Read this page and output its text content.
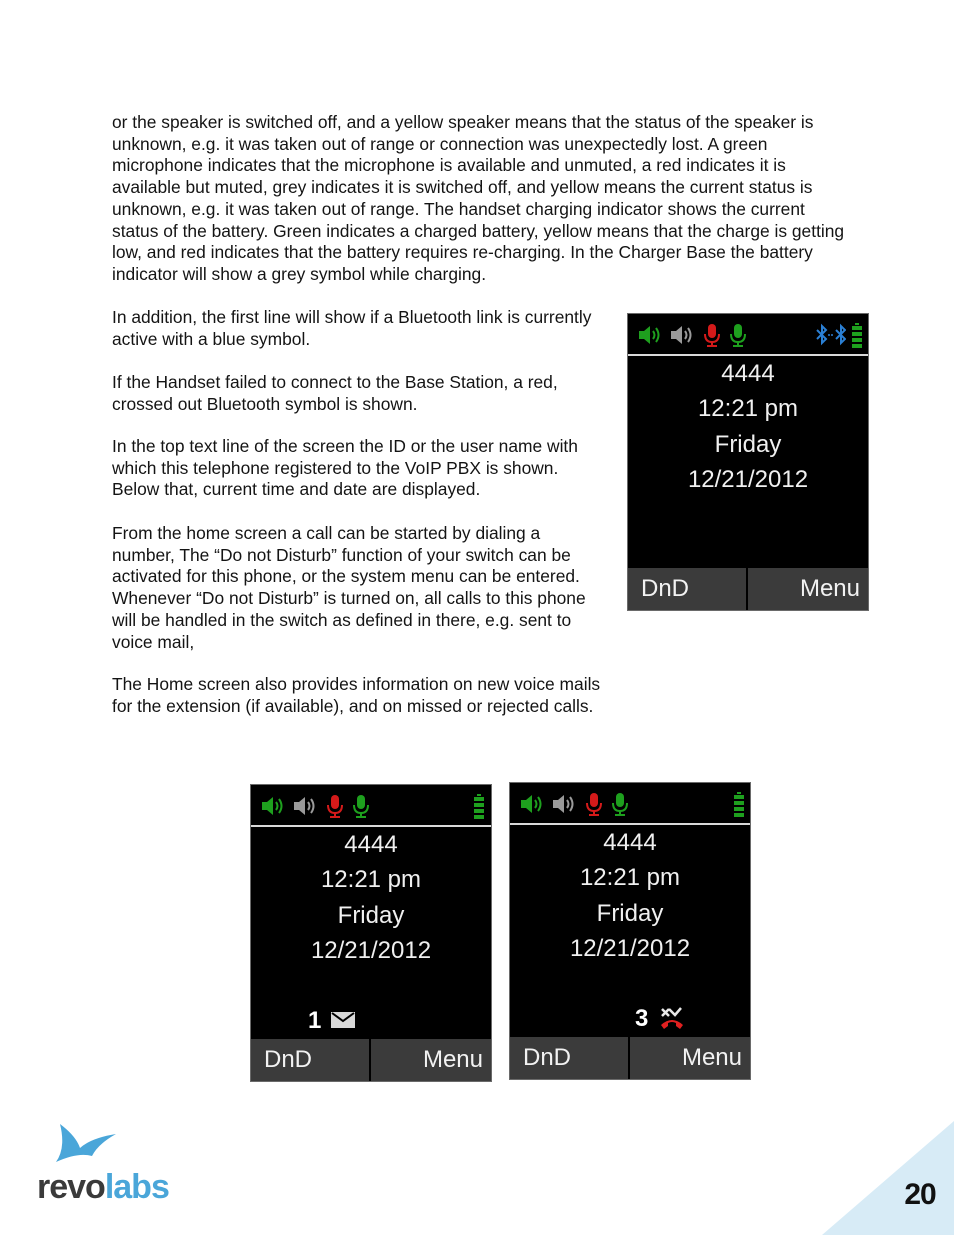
or the speaker is switched off, and a yellow speaker means that the status of the speaker is unknown, e.g. it was taken out of range or connection was unexpectedly lost. A green microphone indicates that the microphone is available and unmuted, a red indicates it is available but muted, grey indicates it is switched off, and yellow means the current status is unknown, e.g. it was taken out of range. The handset charging indicator shows the current status of the battery. Green indicates a charged battery, yellow means that the charge is getting low, and red indicates that the battery requires re-charging. In the Charger Base the battery indicator will show a grey symbol while charging.

In addition, the first line will show if a Bluetooth link is currently active with a blue symbol.

If the Handset failed to connect to the Base Station, a red, crossed out Bluetooth symbol is shown.

In the top text line of the screen the ID or the user name with which this telephone registered to the VoIP PBX is shown. Below that, current time and date are displayed.

From the home screen a call can be started by dialing a number, The “Do not Disturb” function of your switch can be activated for this phone, or the system menu can be entered. Whenever “Do not Disturb” is turned on, all calls to this phone will be handled in the switch as defined in there, e.g. sent to voice mail,

The Home screen also provides information on new voice mails for the extension (if available), and on missed or rejected calls.

4444
12:21 pm
Friday
12/21/2012
DnD	Menu
4444
12:21 pm
Friday
12/21/2012
1
DnD	Menu
4444
12:21 pm
Friday
12/21/2012
3
DnD	Menu
revolabs	20
